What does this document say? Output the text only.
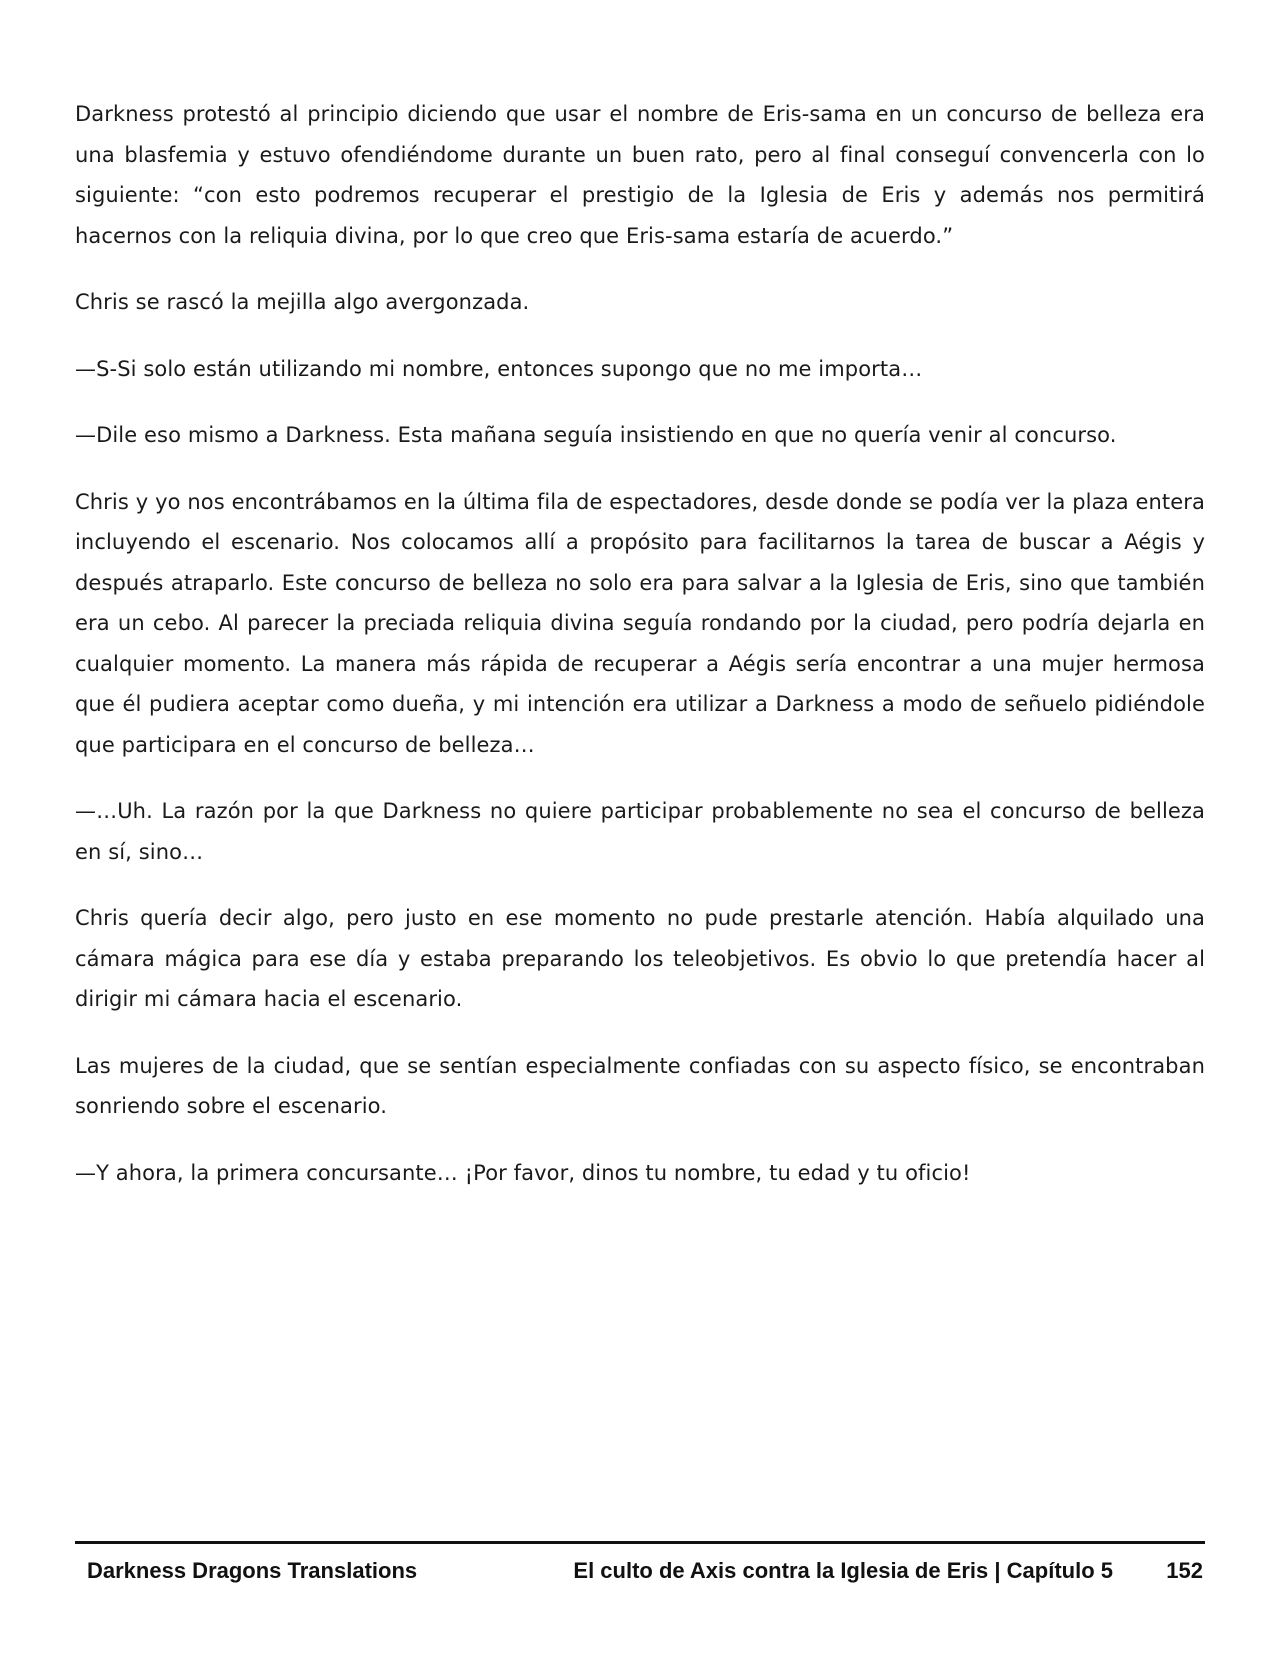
Darkness protestó al principio diciendo que usar el nombre de Eris-sama en un concurso de belleza era una blasfemia y estuvo ofendiéndome durante un buen rato, pero al final conseguí convencerla con lo siguiente: “con esto podremos recuperar el prestigio de la Iglesia de Eris y además nos permitirá hacernos con la reliquia divina, por lo que creo que Eris-sama estaría de acuerdo.”

Chris se rascó la mejilla algo avergonzada.

—S-Si solo están utilizando mi nombre, entonces supongo que no me importa…

—Dile eso mismo a Darkness. Esta mañana seguía insistiendo en que no quería venir al concurso.

Chris y yo nos encontrábamos en la última fila de espectadores, desde donde se podía ver la plaza entera incluyendo el escenario. Nos colocamos allí a propósito para facilitarnos la tarea de buscar a Aégis y después atraparlo. Este concurso de belleza no solo era para salvar a la Iglesia de Eris, sino que también era un cebo. Al parecer la preciada reliquia divina seguía rondando por la ciudad, pero podría dejarla en cualquier momento. La manera más rápida de recuperar a Aégis sería encontrar a una mujer hermosa que él pudiera aceptar como dueña, y mi intención era utilizar a Darkness a modo de señuelo pidiéndole que participara en el concurso de belleza…

—…Uh. La razón por la que Darkness no quiere participar probablemente no sea el concurso de belleza en sí, sino…

Chris quería decir algo, pero justo en ese momento no pude prestarle atención. Había alquilado una cámara mágica para ese día y estaba preparando los teleobjetivos. Es obvio lo que pretendía hacer al dirigir mi cámara hacia el escenario.

Las mujeres de la ciudad, que se sentían especialmente confiadas con su aspecto físico, se encontraban sonriendo sobre el escenario.

—Y ahora, la primera concursante… ¡Por favor, dinos tu nombre, tu edad y tu oficio!

Darkness Dragons Translations	El culto de Axis contra la Iglesia de Eris | Capítulo 5 152
